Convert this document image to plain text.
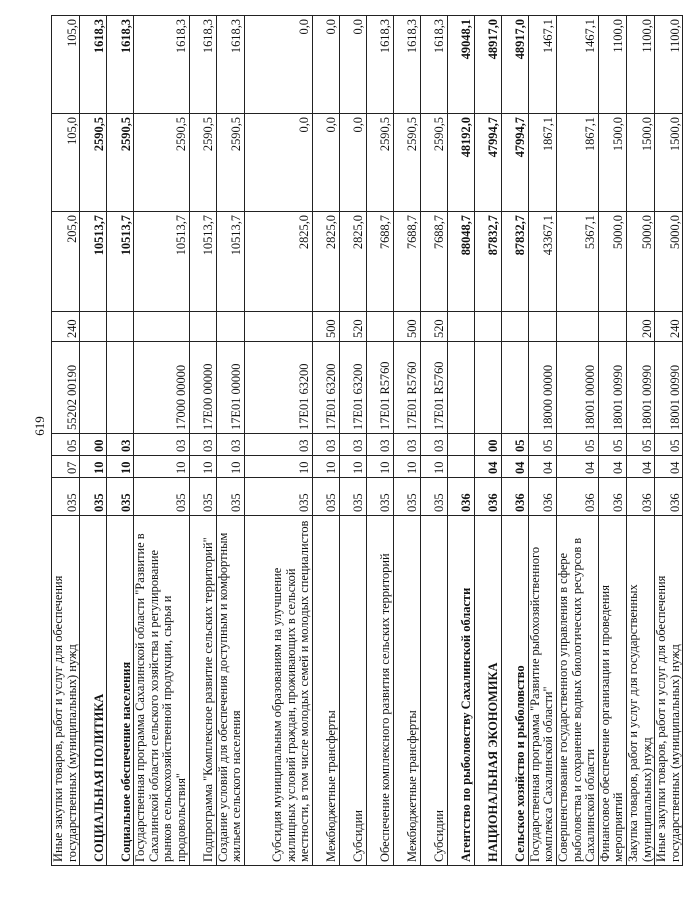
619
Иные закупки товаров, работ и услуг для обеспечения государственных (муниципальных) нужд	035	07	05	55202 00190	240	205,0	105,0	105,0
СОЦИАЛЬНАЯ ПОЛИТИКА	035	10	00			10513,7	2590,5	1618,3
Социальное обеспечение населения	035	10	03			10513,7	2590,5	1618,3
Государственная программа Сахалинской области "Развитие в Сахалинской области сельского хозяйства и регулирование рынков сельскохозяйственной продукции, сырья и продовольствия"	035	10	03	17000 00000		10513,7	2590,5	1618,3
Подпрограмма "Комплексное развитие сельских территорий"	035	10	03	17Е00 00000		10513,7	2590,5	1618,3
Создание условий для обеспечения доступным и комфортным жильем сельского населения	035	10	03	17Е01 00000		10513,7	2590,5	1618,3
Субсидия муниципальным образованиям на улучшение жилищных условий граждан, проживающих в сельской местности, в том числе молодых семей и молодых специалистов	035	10	03	17Е01 63200		2825,0	0,0	0,0
Межбюджетные трансферты	035	10	03	17Е01 63200	500	2825,0	0,0	0,0
Субсидии	035	10	03	17Е01 63200	520	2825,0	0,0	0,0
Обеспечение комплексного развития сельских территорий	035	10	03	17Е01 R5760		7688,7	2590,5	1618,3
Межбюджетные трансферты	035	10	03	17Е01 R5760	500	7688,7	2590,5	1618,3
Субсидии	035	10	03	17Е01 R5760	520	7688,7	2590,5	1618,3
Агентство по рыболовству Сахалинской области	036					88048,7	48192,0	49048,1
НАЦИОНАЛЬНАЯ ЭКОНОМИКА	036	04	00			87832,7	47994,7	48917,0
Сельское хозяйство и рыболовство	036	04	05			87832,7	47994,7	48917,0
Государственная программа "Развитие рыбохозяйственного комплекса Сахалинской области"	036	04	05	18000 00000		43367,1	1867,1	1467,1
Совершенствование государственного управления в сфере рыболовства и сохранение водных биологических ресурсов в Сахалинской области	036	04	05	18001 00000		5367,1	1867,1	1467,1
Финансовое обеспечение организации и проведения мероприятий	036	04	05	18001 00990		5000,0	1500,0	1100,0
Закупка товаров, работ и услуг для государственных (муниципальных) нужд	036	04	05	18001 00990	200	5000,0	1500,0	1100,0
Иные закупки товаров, работ и услуг для обеспечения государственных (муниципальных) нужд	036	04	05	18001 00990	240	5000,0	1500,0	1100,0
